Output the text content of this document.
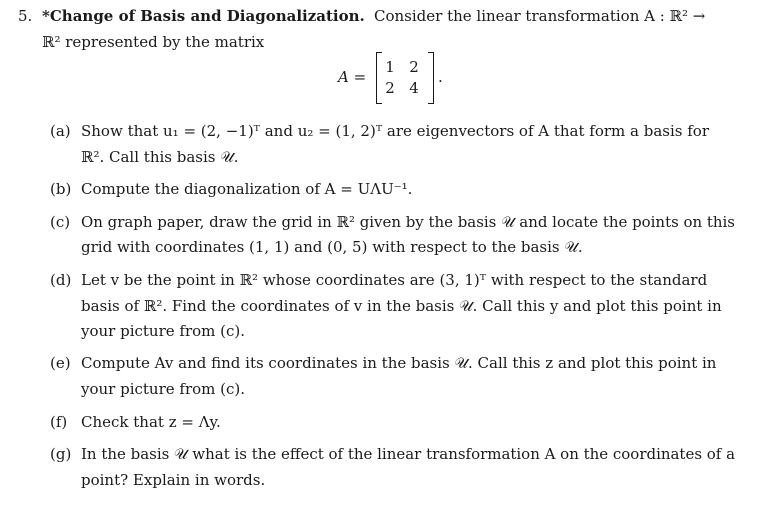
5. *Change of Basis and Diagonalization. Consider the linear transformation A : ℝ² →
ℝ² represented by the matrix
A =
1 2
2 4
.
(a) Show that u₁ = (2, −1)ᵀ and u₂ = (1, 2)ᵀ are eigenvectors of A that form a basis for
ℝ². Call this basis 𝒰.
(b) Compute the diagonalization of A = UΛU⁻¹.
(c) On graph paper, draw the grid in ℝ² given by the basis 𝒰 and locate the points on this
grid with coordinates (1, 1) and (0, 5) with respect to the basis 𝒰.
(d) Let v be the point in ℝ² whose coordinates are (3, 1)ᵀ with respect to the standard
basis of ℝ². Find the coordinates of v in the basis 𝒰. Call this y and plot this point in
your picture from (c).
(e) Compute Av and find its coordinates in the basis 𝒰. Call this z and plot this point in
your picture from (c).
(f) Check that z = Λy.
(g) In the basis 𝒰 what is the effect of the linear transformation A on the coordinates of a
point? Explain in words.
